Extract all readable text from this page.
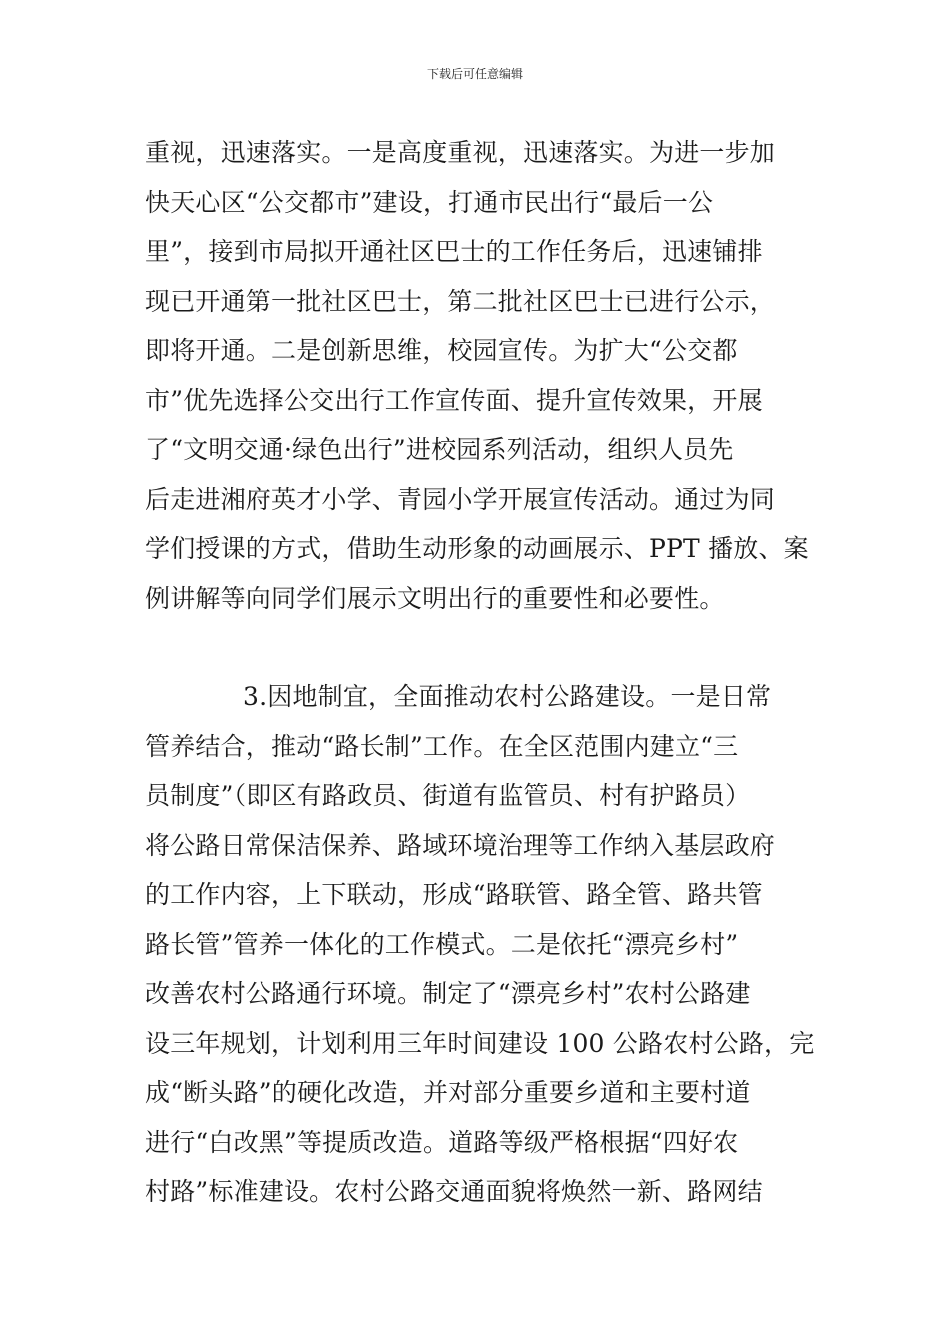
下载后可任意编辑
重视，迅速落实。一是高度重视，迅速落实。为进一步加
快天心区“公交都市”建设，打通市民出行“最后一公
里”，接到市局拟开通社区巴士的工作任务后，迅速铺排
现已开通第一批社区巴士，第二批社区巴士已进行公示，
即将开通。二是创新思维，校园宣传。为扩大“公交都
市”优先选择公交出行工作宣传面、提升宣传效果，开展
了“文明交通·绿色出行”进校园系列活动，组织人员先
后走进湘府英才小学、青园小学开展宣传活动。通过为同
学们授课的方式，借助生动形象的动画展示、PPT 播放、案
例讲解等向同学们展示文明出行的重要性和必要性。
3.因地制宜，全面推动农村公路建设。一是日常
管养结合，推动“路长制”工作。在全区范围内建立“三
员制度”（即区有路政员、街道有监管员、村有护路员）
将公路日常保洁保养、路域环境治理等工作纳入基层政府
的工作内容，上下联动，形成“路联管、路全管、路共管
路长管”管养一体化的工作模式。二是依托“漂亮乡村”
改善农村公路通行环境。制定了“漂亮乡村”农村公路建
设三年规划，计划利用三年时间建设 100 公路农村公路，完
成“断头路”的硬化改造，并对部分重要乡道和主要村道
进行“白改黑”等提质改造。道路等级严格根据“四好农
村路”标准建设。农村公路交通面貌将焕然一新、路网结
